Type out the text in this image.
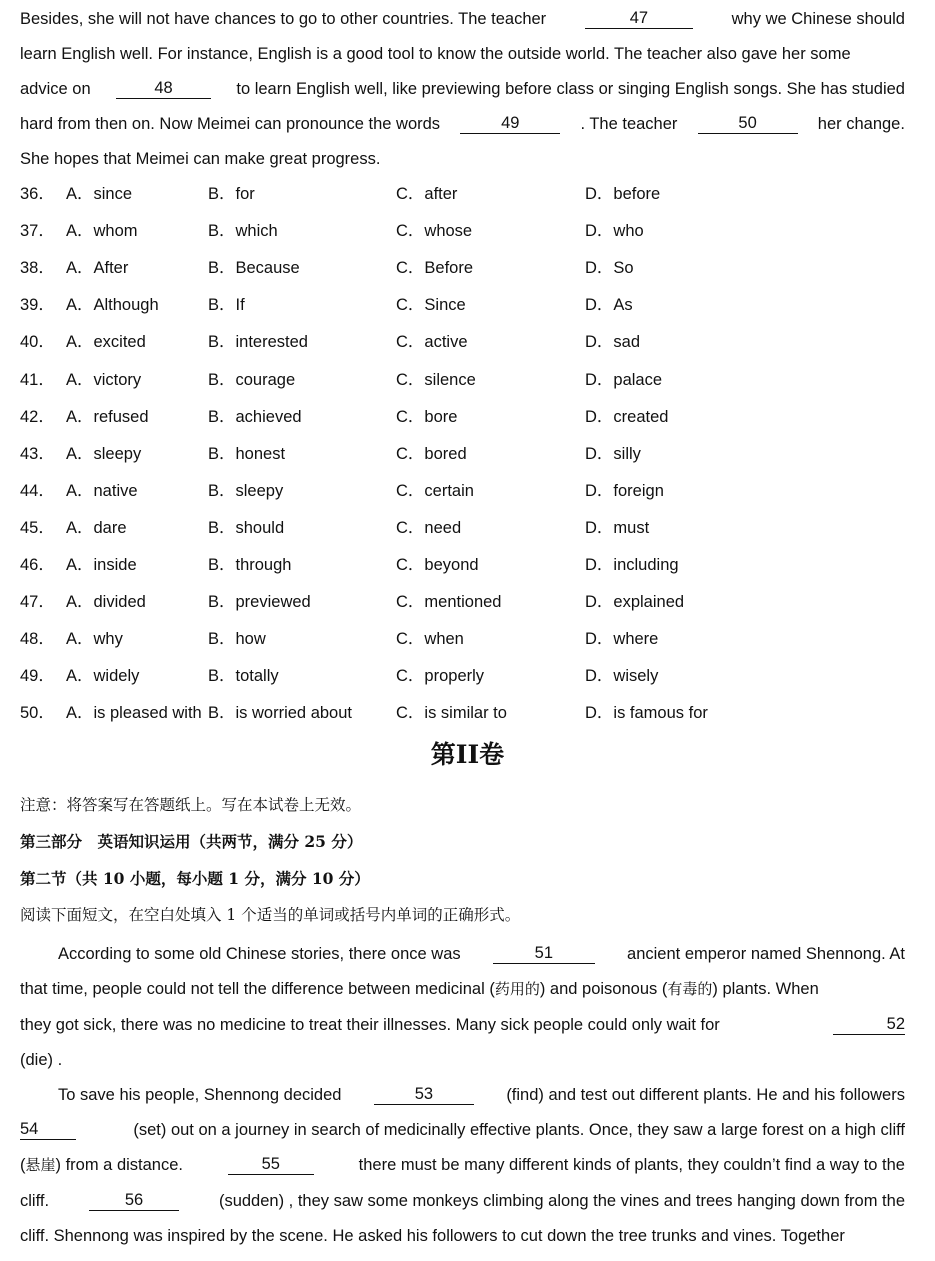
Besides, she will not have chances to go to other countries. The teacher	47	why we Chinese should
learn English well. For instance, English is a good tool to know the outside world. The teacher also gave her some
advice on	48	to learn English well, like previewing before class or singing English songs. She has studied
hard from then on. Now Meimei can pronounce the words	49	. The teacher	50	her change.
She hopes that Meimei can make great progress.
36． A．since	B．for	C．after	D．before
37． A．whom	B．which	C．whose	D．who
38． A．After	B．Because	C．Before	D．So
39． A．Although	B．If	C．Since	D．As
40． A．excited	B．interested	C．active	D．sad
41． A．victory	B．courage	C．silence	D．palace
42． A．refused	B．achieved	C．bore	D．created
43． A．sleepy	B．honest	C．bored	D．silly
44． A．native	B．sleepy	C．certain	D．foreign
45． A．dare	B．should	C．need	D．must
46． A．inside	B．through	C．beyond	D．including
47． A．divided	B．previewed	C．mentioned	D．explained
48． A．why	B．how	C．when	D．where
49． A．widely	B．totally	C．properly	D．wisely
50． A．is pleased with B．is worried about	C．is similar to	D．is famous for
第II卷
注意：将答案写在答题纸上。写在本试卷上无效。
第三部分　英语知识运用（共两节，满分 25 分）
第二节（共 10 小题，每小题 1 分，满分 10 分）
阅读下面短文，在空白处填入 1 个适当的单词或括号内单词的正确形式。
According to some old Chinese stories, there once was	51	ancient emperor named Shennong. At
that time, people could not tell the difference between medicinal ( 药用的 ) and poisonous ( 有毒的 ) plants. When
they got sick, there was no medicine to treat their illnesses. Many sick people could only wait for	52
(die) .
To save his people, Shennong decided	53	(find) and test out different plants. He and his followers
54	(set) out on a journey in search of medicinally effective plants. Once, they saw a large forest on a high cliff
( 悬崖 ) from a distance.	55	there must be many different kinds of plants, they couldn’t find a way to the
cliff.	56	(sudden) , they saw some monkeys climbing along the vines and trees hanging down from the
cliff. Shennong was inspired by the scene. He asked his followers to cut down the tree trunks and vines. Together
